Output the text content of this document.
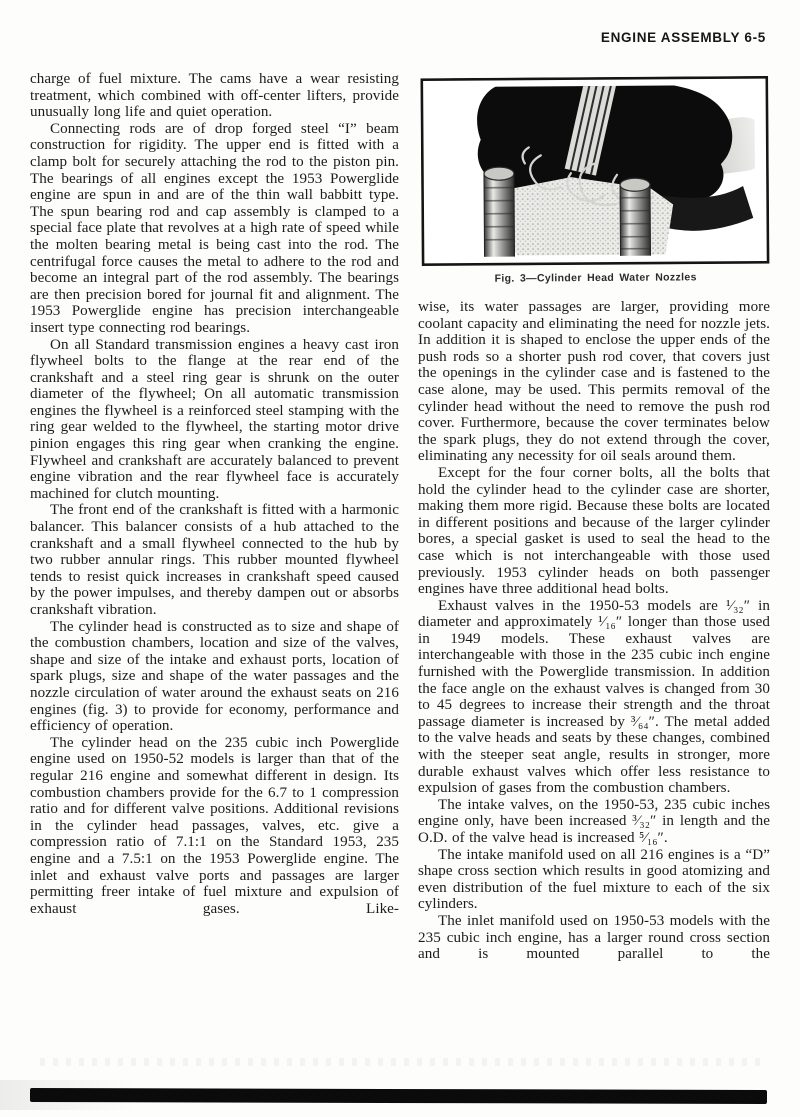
ENGINE ASSEMBLY 6-5

charge of fuel mixture. The cams have a wear resisting treatment, which combined with off-center lifters, provide unusually long life and quiet operation.

Connecting rods are of drop forged steel “I” beam construction for rigidity. The upper end is fitted with a clamp bolt for securely attaching the rod to the piston pin. The bearings of all engines except the 1953 Powerglide engine are spun in and are of the thin wall babbitt type. The spun bearing rod and cap assembly is clamped to a special face plate that revolves at a high rate of speed while the molten bearing metal is being cast into the rod. The centrifugal force causes the metal to adhere to the rod and become an integral part of the rod assembly. The bearings are then precision bored for journal fit and alignment. The 1953 Powerglide engine has precision interchangeable insert type connecting rod bearings.

On all Standard transmission engines a heavy cast iron flywheel bolts to the flange at the rear end of the crankshaft and a steel ring gear is shrunk on the outer diameter of the flywheel; On all automatic transmission engines the flywheel is a reinforced steel stamping with the ring gear welded to the flywheel, the starting motor drive pinion engages this ring gear when cranking the engine. Flywheel and crankshaft are accurately balanced to prevent engine vibration and the rear flywheel face is accurately machined for clutch mounting.

The front end of the crankshaft is fitted with a harmonic balancer. This balancer consists of a hub attached to the crankshaft and a small flywheel connected to the hub by two rubber annular rings. This rubber mounted flywheel tends to resist quick increases in crankshaft speed caused by the power impulses, and thereby dampen out or absorbs crankshaft vibration.

The cylinder head is constructed as to size and shape of the combustion chambers, location and size of the valves, shape and size of the intake and exhaust ports, location of spark plugs, size and shape of the water passages and the nozzle circulation of water around the exhaust seats on 216 engines (fig. 3) to provide for economy, performance and efficiency of operation.

The cylinder head on the 235 cubic inch Powerglide engine used on 1950-52 models is larger than that of the regular 216 engine and somewhat different in design. Its combustion chambers provide for the 6.7 to 1 compression ratio and for different valve positions. Additional revisions in the cylinder head passages, valves, etc. give a compression ratio of 7.1:1 on the Standard 1953, 235 engine and a 7.5:1 on the 1953 Powerglide engine. The inlet and exhaust valve ports and passages are larger permitting freer intake of fuel mixture and expulsion of exhaust gases. Like-

Fig. 3—Cylinder Head Water Nozzles

wise, its water passages are larger, providing more coolant capacity and eliminating the need for nozzle jets. In addition it is shaped to enclose the upper ends of the push rods so a shorter push rod cover, that covers just the openings in the cylinder case and is fastened to the case alone, may be used. This permits removal of the cylinder head without the need to remove the push rod cover. Furthermore, because the cover terminates below the spark plugs, they do not extend through the cover, eliminating any necessity for oil seals around them.

Except for the four corner bolts, all the bolts that hold the cylinder head to the cylinder case are shorter, making them more rigid. Because these bolts are located in different positions and because of the larger cylinder bores, a special gasket is used to seal the head to the case which is not interchangeable with those used previously. 1953 cylinder heads on both passenger engines have three additional head bolts.

Exhaust valves in the 1950-53 models are ¹⁄₃₂″ in diameter and approximately ¹⁄₁₆″ longer than those used in 1949 models. These exhaust valves are interchangeable with those in the 235 cubic inch engine furnished with the Powerglide transmission. In addition the face angle on the exhaust valves is changed from 30 to 45 degrees to increase their strength and the throat passage diameter is increased by ³⁄₆₄″. The metal added to the valve heads and seats by these changes, combined with the steeper seat angle, results in stronger, more durable exhaust valves which offer less resistance to expulsion of gases from the combustion chambers.

The intake valves, on the 1950-53, 235 cubic inches engine only, have been increased ³⁄₃₂″ in length and the O.D. of the valve head is increased ⁵⁄₁₆″.

The intake manifold used on all 216 engines is a “D” shape cross section which results in good atomizing and even distribution of the fuel mixture to each of the six cylinders.

The inlet manifold used on 1950-53 models with the 235 cubic inch engine, has a larger round cross section and is mounted parallel to the
